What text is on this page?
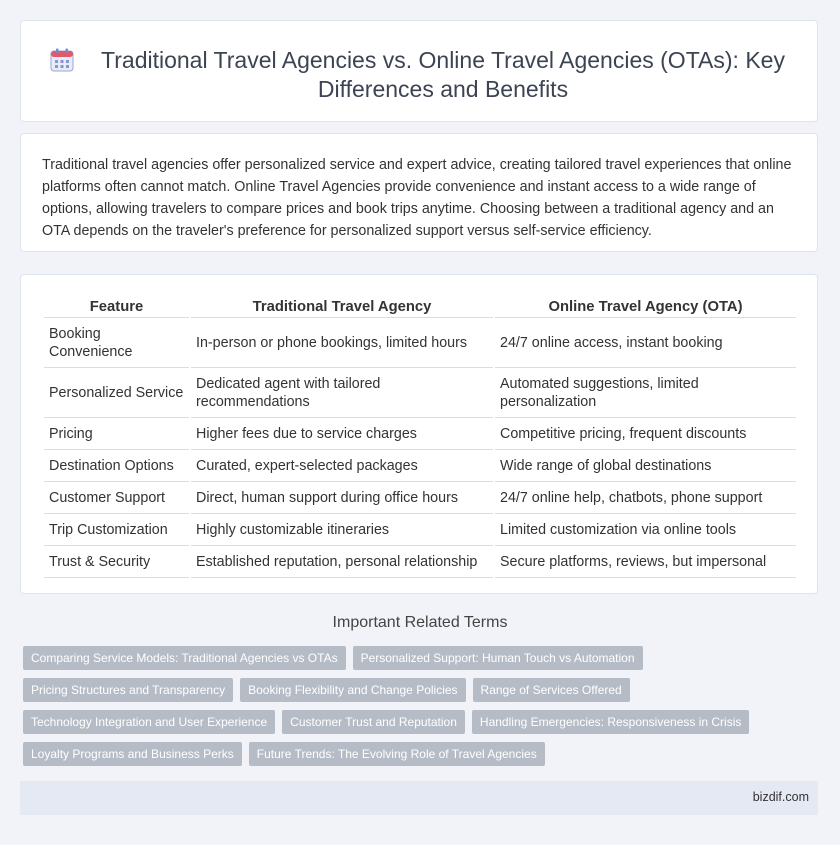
Traditional Travel Agencies vs. Online Travel Agencies (OTAs): Key Differences and Benefits

Traditional travel agencies offer personalized service and expert advice, creating tailored travel experiences that online platforms often cannot match. Online Travel Agencies provide convenience and instant access to a wide range of options, allowing travelers to compare prices and book trips anytime. Choosing between a traditional agency and an OTA depends on the traveler's preference for personalized support versus self-service efficiency.

Feature	Traditional Travel Agency	Online Travel Agency (OTA)
Booking Convenience	In-person or phone bookings, limited hours	24/7 online access, instant booking
Personalized Service	Dedicated agent with tailored recommendations	Automated suggestions, limited personalization
Pricing	Higher fees due to service charges	Competitive pricing, frequent discounts
Destination Options	Curated, expert-selected packages	Wide range of global destinations
Customer Support	Direct, human support during office hours	24/7 online help, chatbots, phone support
Trip Customization	Highly customizable itineraries	Limited customization via online tools
Trust & Security	Established reputation, personal relationship	Secure platforms, reviews, but impersonal
Important Related Terms
Comparing Service Models: Traditional Agencies vs OTAs	Personalized Support: Human Touch vs Automation
Pricing Structures and Transparency	Booking Flexibility and Change Policies	Range of Services Offered
Technology Integration and User Experience	Customer Trust and Reputation	Handling Emergencies: Responsiveness in Crisis
Loyalty Programs and Business Perks	Future Trends: The Evolving Role of Travel Agencies
bizdif.com
